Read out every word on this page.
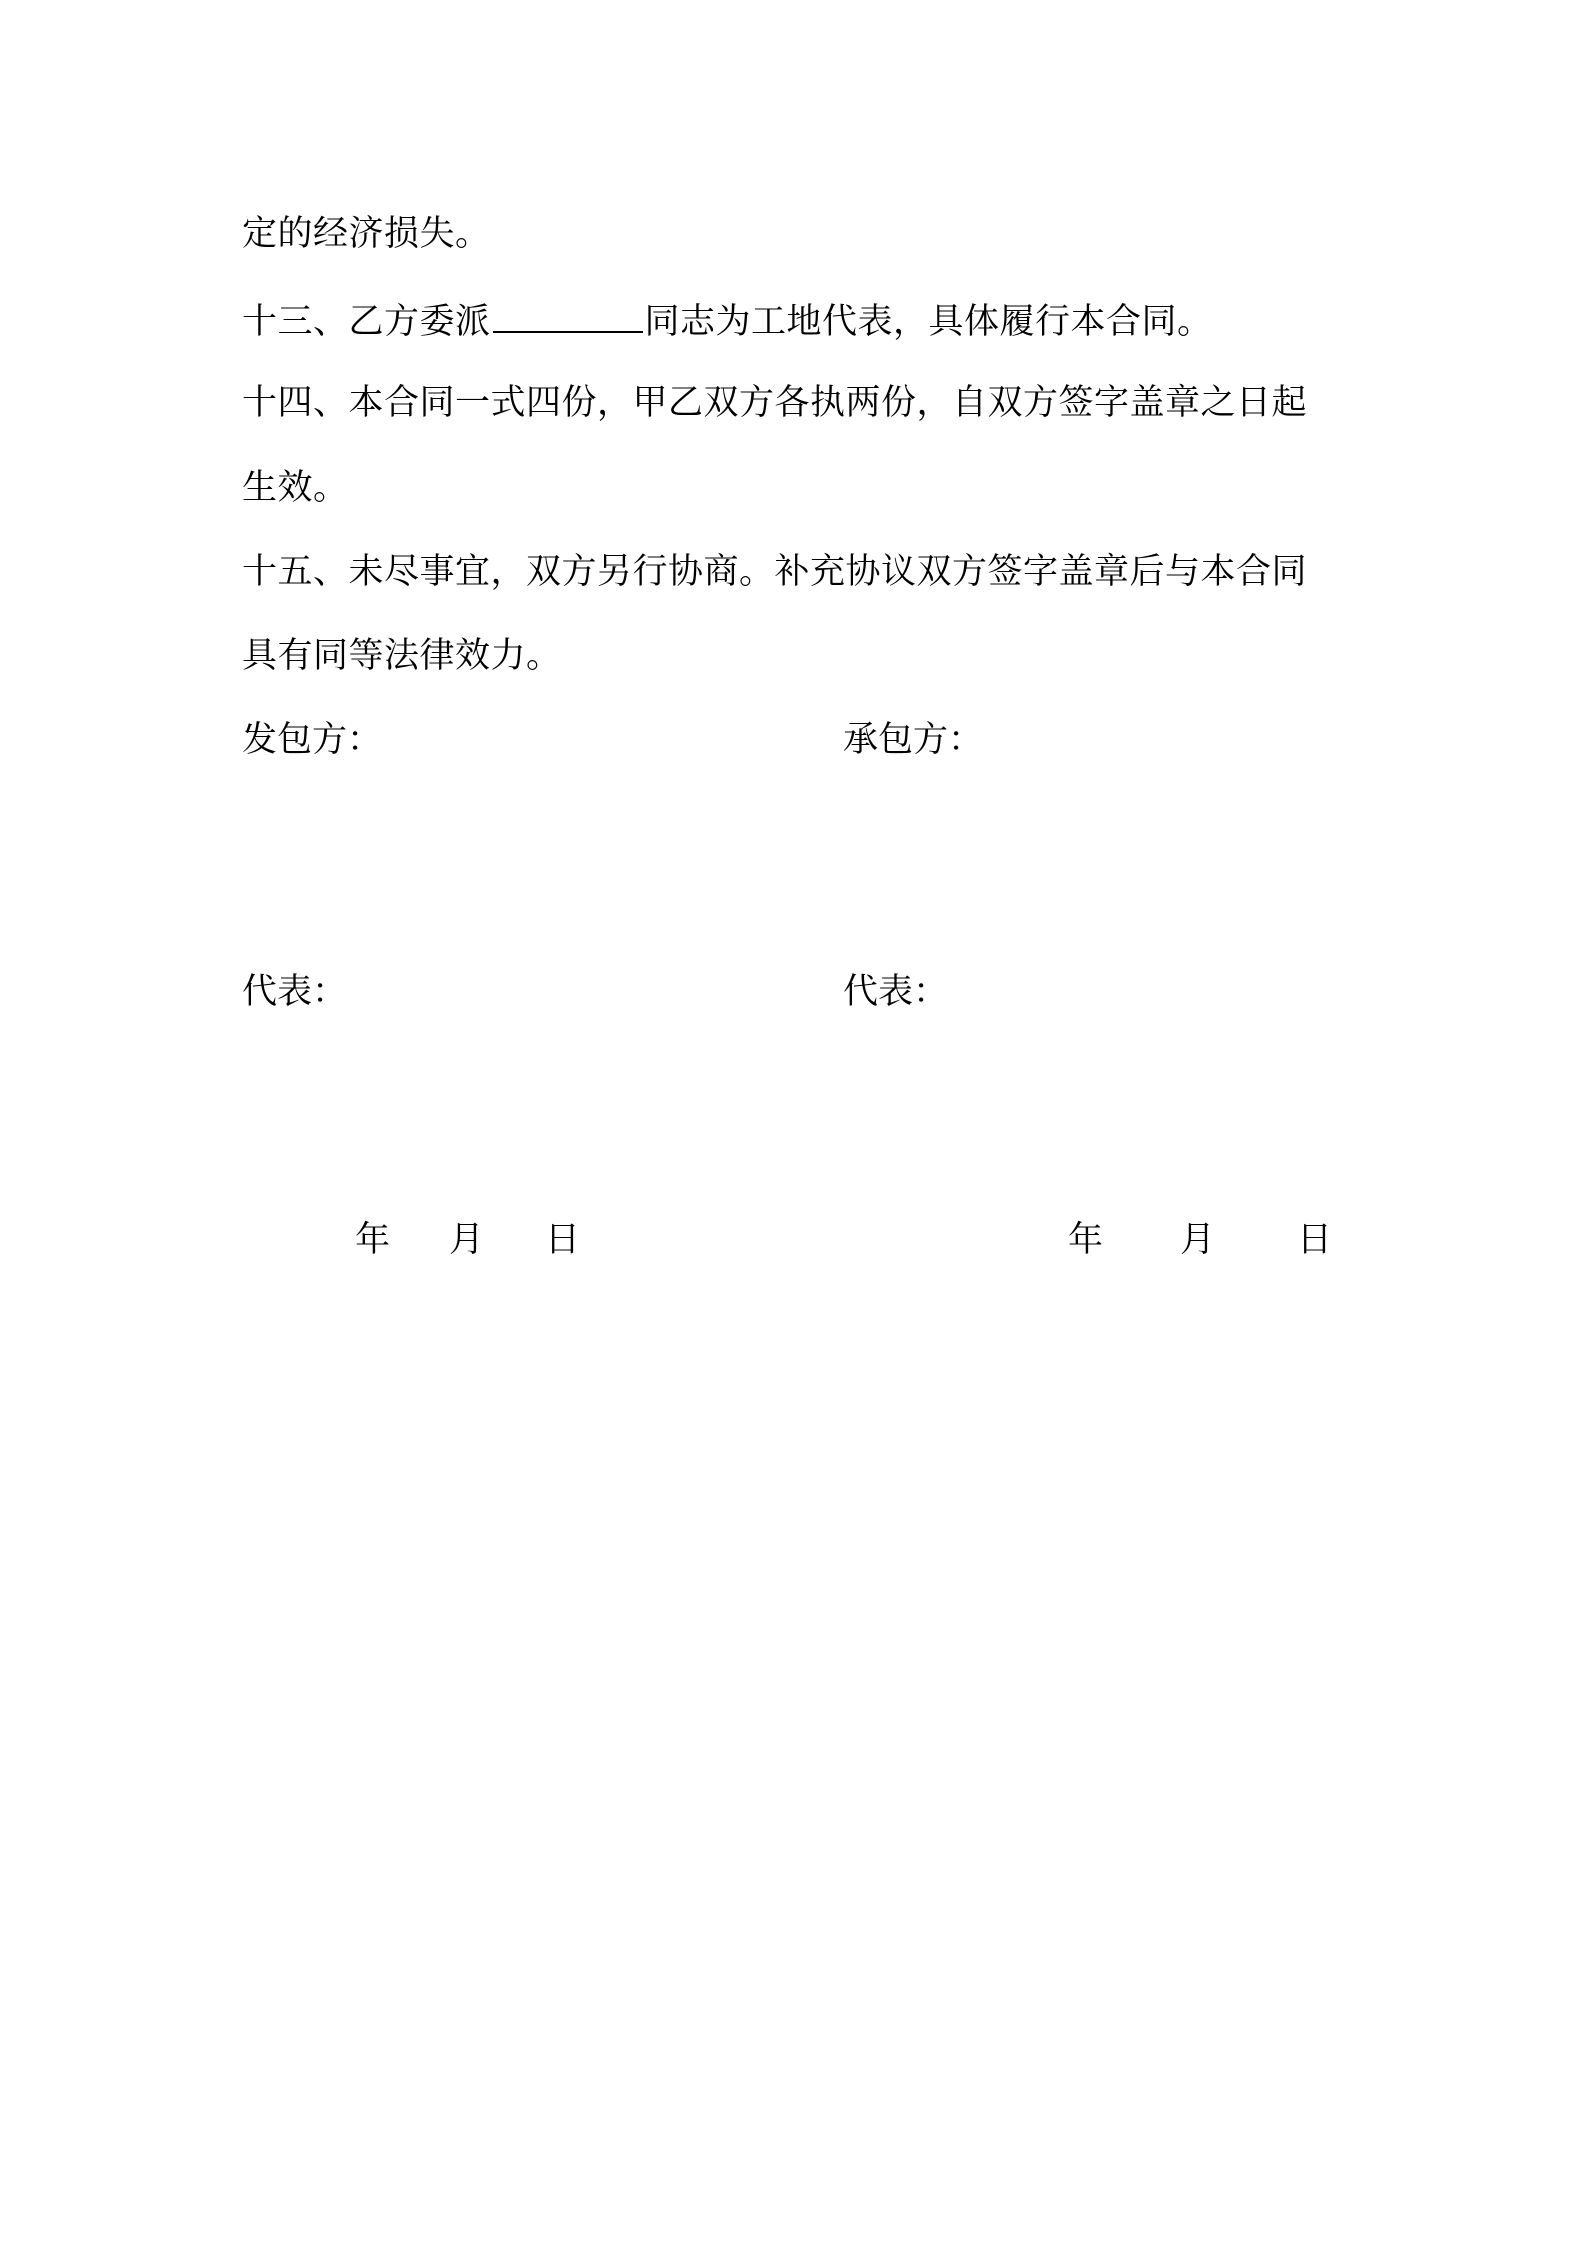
定的经济损失。
十三、乙方委派	同志为工地代表，具体履行本合同。
十四、本合同一式四份，甲乙双方各执两份，自双方签字盖章之日起
生效。
十五、未尽事宜，双方另行协商。补充协议双方签字盖章后与本合同
具有同等法律效力。
发包方：	承包方：
代表：	代表：
年 月 日	年 月 日
